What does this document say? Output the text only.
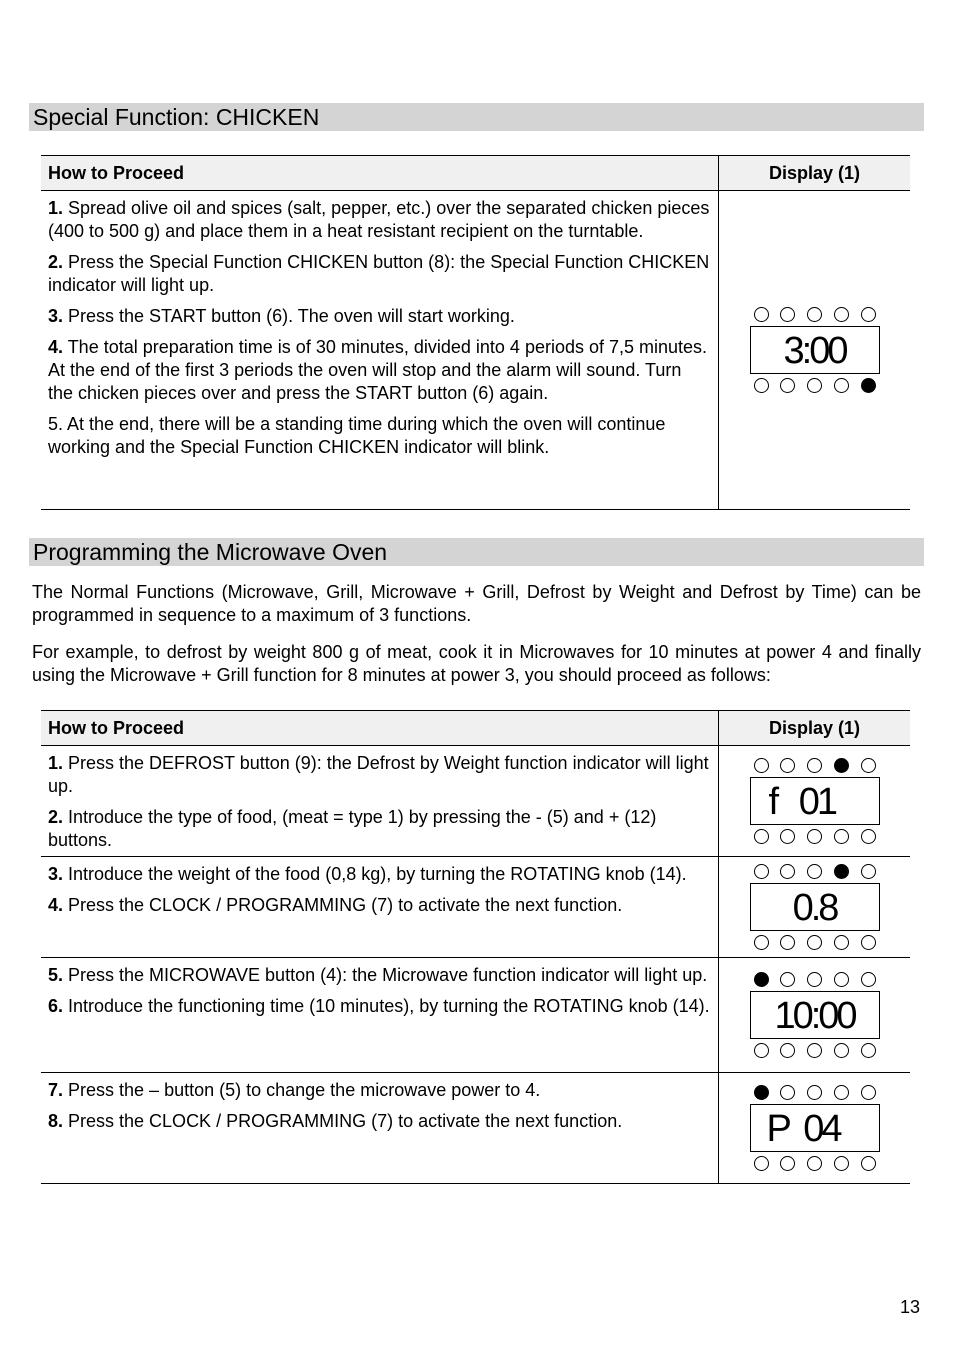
Special Function: CHICKEN
How to Proceed	Display (1)

1. Spread olive oil and spices (salt, pepper, etc.) over the separated chicken pieces (400 to 500 g) and place them in a heat resistant recipient on the turntable.

2. Press the Special Function CHICKEN button (8): the Special Function CHICKEN indicator will light up.

3. Press the START button (6). The oven will start working.

4. The total preparation time is of 30 minutes, divided into 4 periods of 7,5 minutes. At the end of the first 3 periods the oven will stop and the alarm will sound. Turn the chicken pieces over and press the START button (6) again.

5. At the end, there will be a standing time during which the oven will continue working and the Special Function CHICKEN indicator will blink.	3:00
Programming the Microwave Oven

The Normal Functions (Microwave, Grill, Microwave + Grill, Defrost by Weight and Defrost by Time) can be programmed in sequence to a maximum of 3 functions.

For example, to defrost by weight 800 g of meat, cook it in Microwaves for 10 minutes at power 4 and finally using the Microwave + Grill function for 8 minutes at power 3, you should proceed as follows:

How to Proceed	Display (1)

1. Press the DEFROST button (9): the Defrost by Weight function indicator will light up.

2. Introduce the type of food, (meat = type 1) by pressing the - (5) and + (12) buttons.	f   01

3. Introduce the weight of the food (0,8 kg), by turning the ROTATING knob (14).

4. Press the CLOCK / PROGRAMMING (7) to activate the next function.	0.8

5. Press the MICROWAVE button (4): the Microwave function indicator will light up.

6. Introduce the functioning time (10 minutes), by turning the ROTATING knob (14).	10:00

7. Press the – button (5) to change the microwave power to 4.

8. Press the CLOCK / PROGRAMMING (7) to activate the next function.	P  04
13
